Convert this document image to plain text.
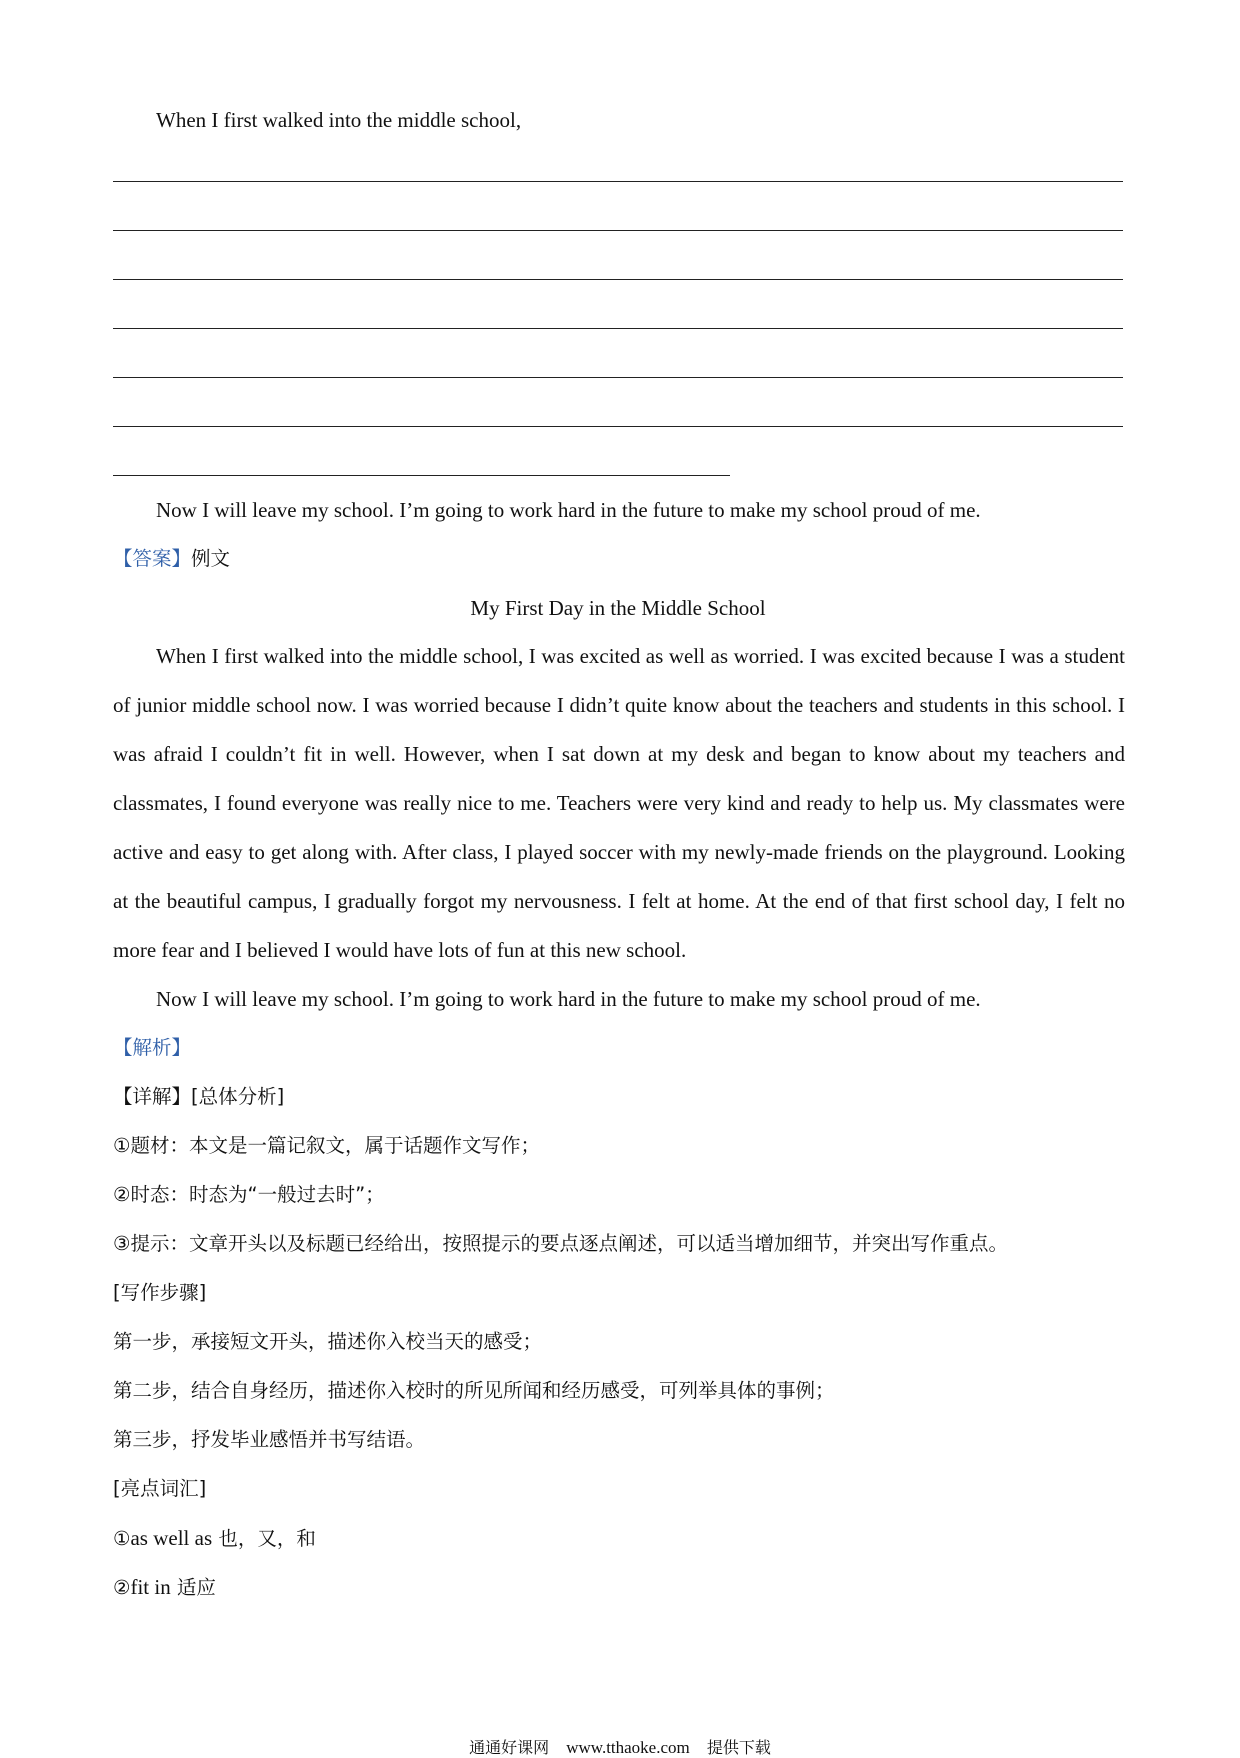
When I first walked into the middle school,
Now I will leave my school. I’m going to work hard in the future to make my school proud of me.
【答案】例文
My First Day in the Middle School
When I first walked into the middle school, I was excited as well as worried. I was excited because I was a student of junior middle school now. I was worried because I didn’t quite know about the teachers and students in this school. I was afraid I couldn’t fit in well. However, when I sat down at my desk and began to know about my teachers and classmates, I found everyone was really nice to me. Teachers were very kind and ready to help us. My classmates were active and easy to get along with. After class, I played soccer with my newly-made friends on the playground. Looking at the beautiful campus, I gradually forgot my nervousness. I felt at home. At the end of that first school day, I felt no more fear and I believed I would have lots of fun at this new school.
Now I will leave my school. I’m going to work hard in the future to make my school proud of me.
【解析】
【详解】[总体分析]
①题材：本文是一篇记叙文，属于话题作文写作；
②时态：时态为“一般过去时”；
③提示：文章开头以及标题已经给出，按照提示的要点逐点阐述，可以适当增加细节，并突出写作重点。
[写作步骤]
第一步，承接短文开头，描述你入校当天的感受；
第二步，结合自身经历，描述你入校时的所见所闻和经历感受，可列举具体的事例；
第三步，抒发毕业感悟并书写结语。
[亮点词汇]
①as well as 也，又，和
②fit in 适应
通通好课网 www.tthaoke.com 提供下载
